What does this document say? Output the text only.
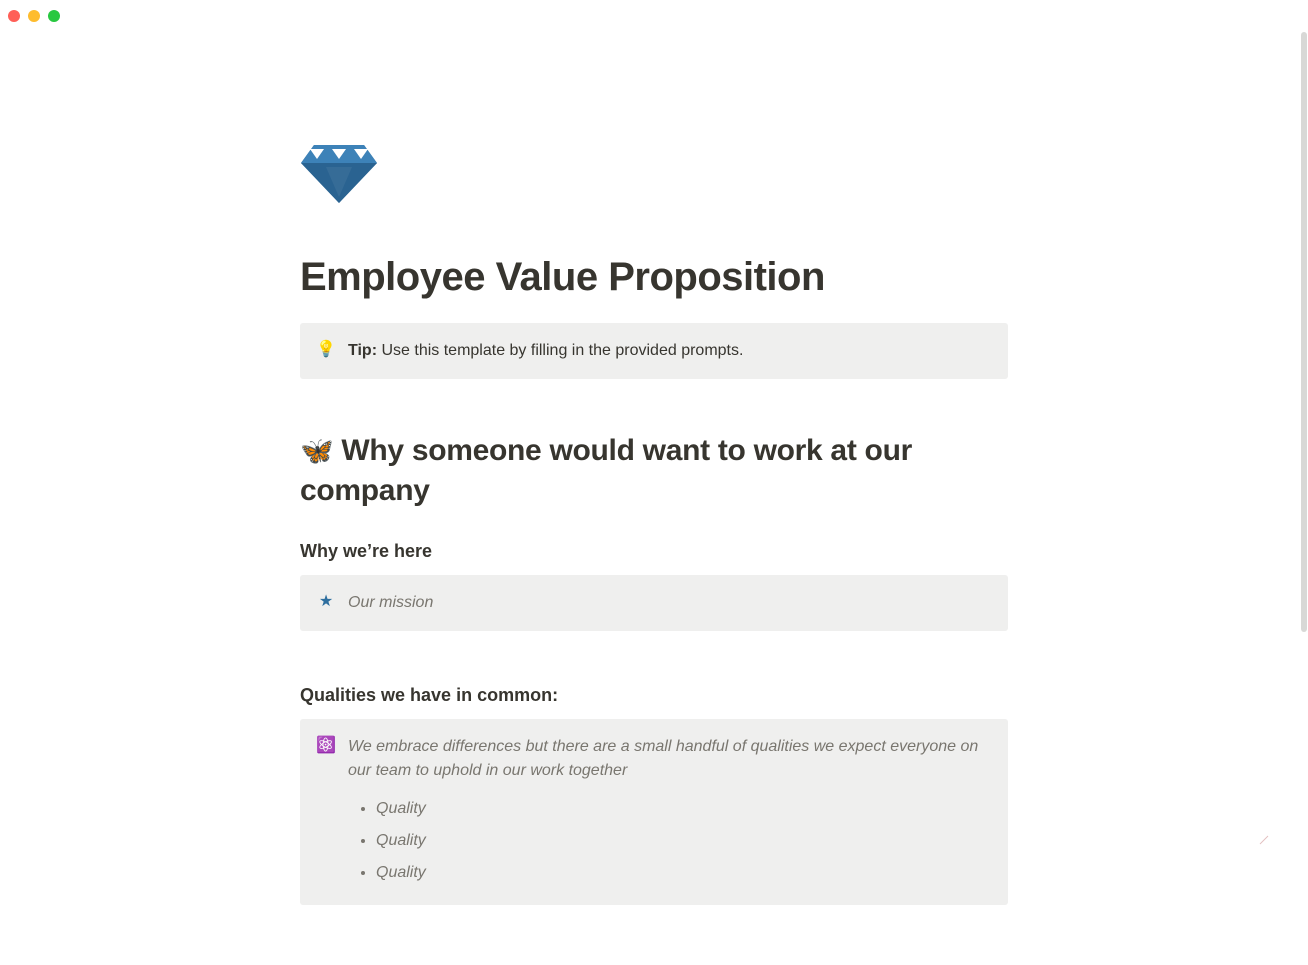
Employee Value Proposition
💡 Tip: Use this template by filling in the provided prompts.
🦋 Why someone would want to work at our company
Why we’re here
★ Our mission
Qualities we have in common:
⚛️ We embrace differences but there are a small handful of qualities we expect everyone on our team to uphold in our work together
• Quality
• Quality
• Quality
